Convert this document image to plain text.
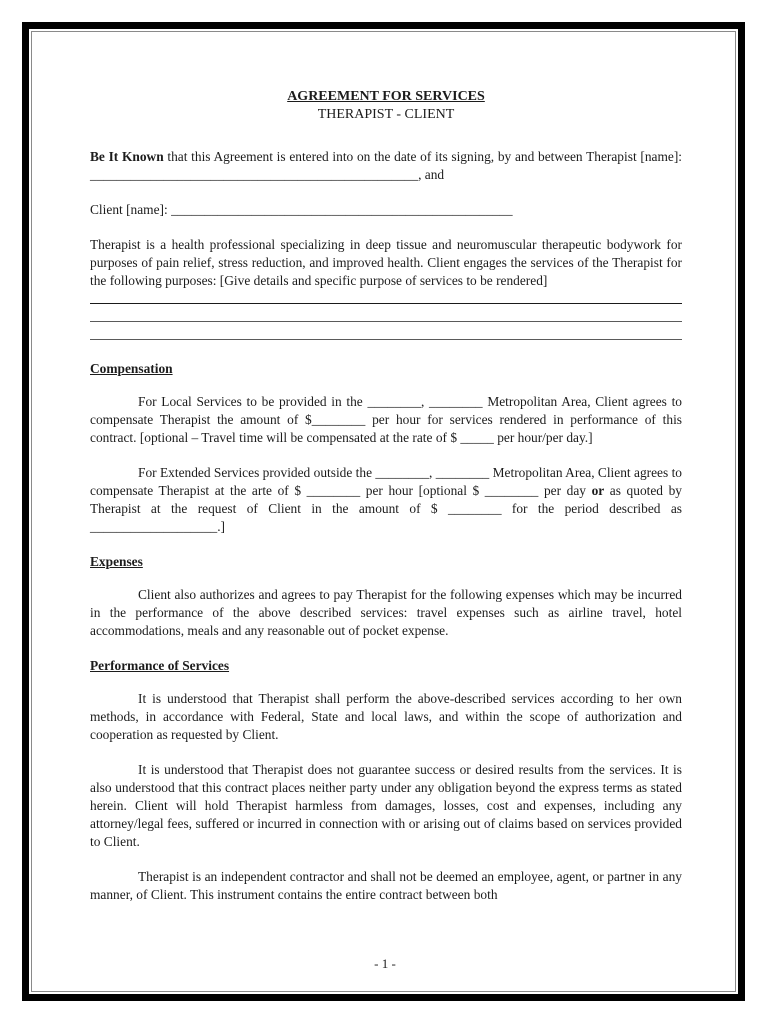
AGREEMENT FOR SERVICES
THERAPIST - CLIENT

Be It Known that this Agreement is entered into on the date of its signing, by and between Therapist [name]: _________________________________________________, and

Client [name]: ___________________________________________________

Therapist is a health professional specializing in deep tissue and neuromuscular therapeutic bodywork for purposes of pain relief, stress reduction, and improved health. Client engages the services of the Therapist for the following purposes: [Give details and specific purpose of services to be rendered]

Compensation

For Local Services to be provided in the ________, ________ Metropolitan Area, Client agrees to compensate Therapist the amount of $________ per hour for services rendered in performance of this contract. [optional – Travel time will be compensated at the rate of $ _____ per hour/per day.]

For Extended Services provided outside the ________, ________ Metropolitan Area, Client agrees to compensate Therapist at the arte of $ ________ per hour [optional $ ________ per day or as quoted by Therapist at the request of Client in the amount of $ ________ for the period described as ___________________.]

Expenses

Client also authorizes and agrees to pay Therapist for the following expenses which may be incurred in the performance of the above described services: travel expenses such as airline travel, hotel accommodations, meals and any reasonable out of pocket expense.

Performance of Services

It is understood that Therapist shall perform the above-described services according to her own methods, in accordance with Federal, State and local laws, and within the scope of authorization and cooperation as requested by Client.

It is understood that Therapist does not guarantee success or desired results from the services. It is also understood that this contract places neither party under any obligation beyond the express terms as stated herein. Client will hold Therapist harmless from damages, losses, cost and expenses, including any attorney/legal fees, suffered or incurred in connection with or arising out of claims based on services provided to Client.

Therapist is an independent contractor and shall not be deemed an employee, agent, or partner in any manner, of Client. This instrument contains the entire contract between both

- 1 -
